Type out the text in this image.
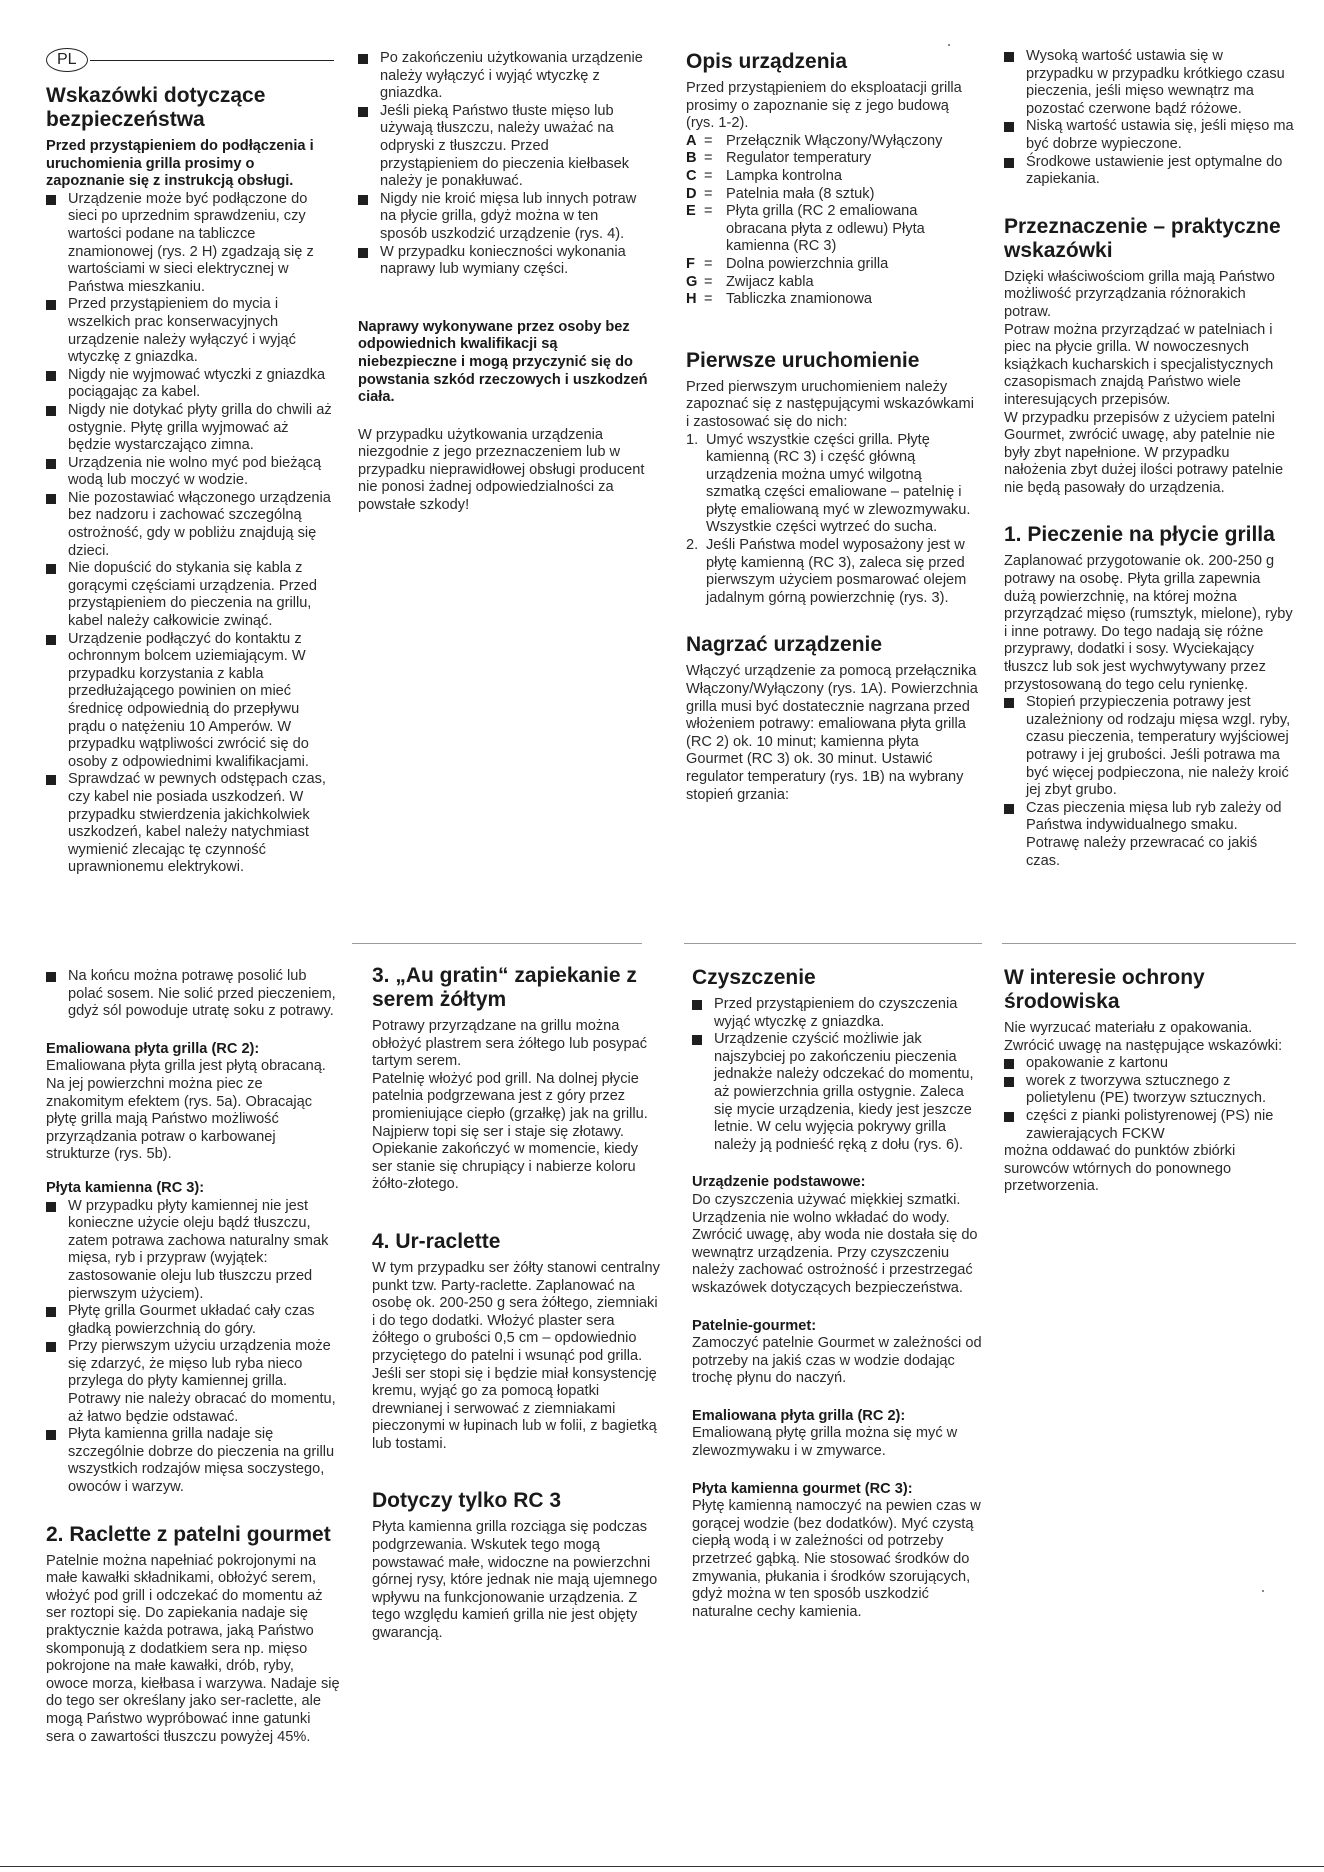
PL
Wskazówki dotyczące bezpieczeństwa

Przed przystąpieniem do podłączenia i uruchomienia grilla prosimy o zapoznanie się z instrukcją obsługi.

Urządzenie może być podłączone do sieci po uprzednim sprawdzeniu, czy wartości podane na tabliczce znamionowej (rys. 2 H) zgadzają się z wartościami w sieci elektrycznej w Państwa mieszkaniu.
Przed przystąpieniem do mycia i wszelkich prac konserwacyjnych urządzenie należy wyłączyć i wyjąć wtyczkę z gniazdka.
Nigdy nie wyjmować wtyczki z gniazdka pociągając za kabel.
Nigdy nie dotykać płyty grilla do chwili aż ostygnie. Płytę grilla wyjmować aż będzie wystarczająco zimna.
Urządzenia nie wolno myć pod bieżącą wodą lub moczyć w wodzie.
Nie pozostawiać włączonego urządzenia bez nadzoru i zachować szczególną ostrożność, gdy w pobliżu znajdują się dzieci.
Nie dopuścić do stykania się kabla z gorącymi częściami urządzenia. Przed przystąpieniem do pieczenia na grillu, kabel należy całkowicie zwinąć.
Urządzenie podłączyć do kontaktu z ochronnym bolcem uziemiającym. W przypadku korzystania z kabla przedłużającego powinien on mieć średnicę odpowiednią do przepływu prądu o natężeniu 10 Amperów. W przypadku wątpliwości zwrócić się do osoby z odpowiednimi kwalifikacjami.
Sprawdzać w pewnych odstępach czas, czy kabel nie posiada uszkodzeń. W przypadku stwierdzenia jakichkolwiek uszkodzeń, kabel należy natychmiast wymienić zlecając tę czynność uprawnionemu elektrykowi.
Po zakończeniu użytkowania urządzenie należy wyłączyć i wyjąć wtyczkę z gniazdka.
Jeśli pieką Państwo tłuste mięso lub używają tłuszczu, należy uważać na odpryski z tłuszczu. Przed przystąpieniem do pieczenia kiełbasek należy je ponakłuwać.
Nigdy nie kroić mięsa lub innych potraw na płycie grilla, gdyż można w ten sposób uszkodzić urządzenie (rys. 4).
W przypadku konieczności wykonania naprawy lub wymiany części.

Naprawy wykonywane przez osoby bez odpowiednich kwalifikacji są niebezpieczne i mogą przyczynić się do powstania szkód rzeczowych i uszkodzeń ciała.

W przypadku użytkowania urządzenia niezgodnie z jego przeznaczeniem lub w przypadku nieprawidłowej obsługi producent nie ponosi żadnej odpowiedzialności za powstałe szkody!

Opis urządzenia

Przed przystąpieniem do eksploatacji grilla prosimy o zapoznanie się z jego budową (rys. 1-2).

A	=	Przełącznik Włączony/Wyłączony
B	=	Regulator temperatury
C	=	Lampka kontrolna
D	=	Patelnia mała (8 sztuk)
E	=	Płyta grilla (RC 2 emaliowana obracana płyta z odlewu) Płyta kamienna (RC 3)
F	=	Dolna powierzchnia grilla
G	=	Zwijacz kabla
H	=	Tabliczka znamionowa
Pierwsze uruchomienie

Przed pierwszym uruchomieniem należy zapoznać się z następującymi wskazówkami i zastosować się do nich:

1. Umyć wszystkie części grilla. Płytę kamienną (RC 3) i część główną urządzenia można umyć wilgotną szmatką części emaliowane – patelnię i płytę emaliowaną myć w zlewozmywaku. Wszystkie części wytrzeć do sucha.
2. Jeśli Państwa model wyposażony jest w płytę kamienną (RC 3), zaleca się przed pierwszym użyciem posmarować olejem jadalnym górną powierzchnię (rys. 3).
Nagrzać urządzenie

Włączyć urządzenie za pomocą przełącznika Włączony/Wyłączony (rys. 1A). Powierzchnia grilla musi być dostatecznie nagrzana przed włożeniem potrawy: emaliowana płyta grilla (RC 2) ok. 10 minut; kamienna płyta Gourmet (RC 3) ok. 30 minut. Ustawić regulator temperatury (rys. 1B) na wybrany stopień grzania:

Wysoką wartość ustawia się w przypadku w przypadku krótkiego czasu pieczenia, jeśli mięso wewnątrz ma pozostać czerwone bądź różowe.
Niską wartość ustawia się, jeśli mięso ma być dobrze wypieczone.
Środkowe ustawienie jest optymalne do zapiekania.
Przeznaczenie – praktyczne wskazówki

Dzięki właściwościom grilla mają Państwo możliwość przyrządzania różnorakich potraw.

Potraw można przyrządzać w patelniach i piec na płycie grilla. W nowoczesnych książkach kucharskich i specjalistycznych czasopismach znajdą Państwo wiele interesujących przepisów.

W przypadku przepisów z użyciem patelni Gourmet, zwrócić uwagę, aby patelnie nie były zbyt napełnione. W przypadku nałożenia zbyt dużej ilości potrawy patelnie nie będą pasowały do urządzenia.

1. Pieczenie na płycie grilla

Zaplanować przygotowanie ok. 200-250 g potrawy na osobę. Płyta grilla zapewnia dużą powierzchnię, na której można przyrządzać mięso (rumsztyk, mielone), ryby i inne potrawy. Do tego nadają się różne przyprawy, dodatki i sosy. Wyciekający tłuszcz lub sok jest wychwytywany przez przystosowaną do tego celu rynienkę.

Stopień przypieczenia potrawy jest uzależniony od rodzaju mięsa wzgl. ryby, czasu pieczenia, temperatury wyjściowej potrawy i jej grubości. Jeśli potrawa ma być więcej podpieczona, nie należy kroić jej zbyt grubo.
Czas pieczenia mięsa lub ryb zależy od Państwa indywidualnego smaku. Potrawę należy przewracać co jakiś czas.
Na końcu można potrawę posolić lub polać sosem. Nie solić przed pieczeniem, gdyż sól powoduje utratę soku z potrawy.
Emaliowana płyta grilla (RC 2):

Emaliowana płyta grilla jest płytą obracaną. Na jej powierzchni można piec ze znakomitym efektem (rys. 5a). Obracając płytę grilla mają Państwo możliwość przyrządzania potraw o karbowanej strukturze (rys. 5b).

Płyta kamienna (RC 3):
W przypadku płyty kamiennej nie jest konieczne użycie oleju bądź tłuszczu, zatem potrawa zachowa naturalny smak mięsa, ryb i przypraw (wyjątek: zastosowanie oleju lub tłuszczu przed pierwszym użyciem).
Płytę grilla Gourmet układać cały czas gładką powierzchnią do góry.
Przy pierwszym użyciu urządzenia może się zdarzyć, że mięso lub ryba nieco przylega do płyty kamiennej grilla. Potrawy nie należy obracać do momentu, aż łatwo będzie odstawać.
Płyta kamienna grilla nadaje się szczególnie dobrze do pieczenia na grillu wszystkich rodzajów mięsa soczystego, owoców i warzyw.
2. Raclette z patelni gourmet

Patelnie można napełniać pokrojonymi na małe kawałki składnikami, obłożyć serem, włożyć pod grill i odczekać do momentu aż ser roztopi się. Do zapiekania nadaje się praktycznie każda potrawa, jaką Państwo skomponują z dodatkiem sera np. mięso pokrojone na małe kawałki, drób, ryby, owoce morza, kiełbasa i warzywa. Nadaje się do tego ser określany jako ser-raclette, ale mogą Państwo wypróbować inne gatunki sera o zawartości tłuszczu powyżej 45%.

3. „Au gratin“ zapiekanie z serem żółtym

Potrawy przyrządzane na grillu można obłożyć plastrem sera żółtego lub posypać tartym serem.

Patelnię włożyć pod grill. Na dolnej płycie patelnia podgrzewana jest z góry przez promieniujące ciepło (grzałkę) jak na grillu. Najpierw topi się ser i staje się złotawy.

Opiekanie zakończyć w momencie, kiedy ser stanie się chrupiący i nabierze koloru żółto-złotego.

4. Ur-raclette

W tym przypadku ser żółty stanowi centralny punkt tzw. Party-raclette. Zaplanować na osobę ok. 200-250 g sera żółtego, ziemniaki i do tego dodatki. Włożyć plaster sera żółtego o grubości 0,5 cm – opdowiednio przyciętego do patelni i wsunąć pod grilla. Jeśli ser stopi się i będzie miał konsystencję kremu, wyjąć go za pomocą łopatki drewnianej i serwować z ziemniakami pieczonymi w łupinach lub w folii, z bagietką lub tostami.

Dotyczy tylko RC 3

Płyta kamienna grilla rozciąga się podczas podgrzewania. Wskutek tego mogą powstawać małe, widoczne na powierzchni górnej rysy, które jednak nie mają ujemnego wpływu na funkcjonowanie urządzenia. Z tego względu kamień grilla nie jest objęty gwarancją.

Czyszczenie
Przed przystąpieniem do czyszczenia wyjąć wtyczkę z gniazdka.
Urządzenie czyścić możliwie jak najszybciej po zakończeniu pieczenia jednakże należy odczekać do momentu, aż powierzchnia grilla ostygnie. Zaleca się mycie urządzenia, kiedy jest jeszcze letnie. W celu wyjęcia pokrywy grilla należy ją podnieść ręką z dołu (rys. 6).
Urządzenie podstawowe:

Do czyszczenia używać miękkiej szmatki. Urządzenia nie wolno wkładać do wody. Zwrócić uwagę, aby woda nie dostała się do wewnątrz urządzenia. Przy czyszczeniu należy zachować ostrożność i przestrzegać wskazówek dotyczących bezpieczeństwa.

Patelnie-gourmet:

Zamoczyć patelnie Gourmet w zależności od potrzeby na jakiś czas w wodzie dodając trochę płynu do naczyń.

Emaliowana płyta grilla (RC 2):

Emaliowaną płytę grilla można się myć w zlewozmywaku i w zmywarce.

Płyta kamienna gourmet (RC 3):

Płytę kamienną namoczyć na pewien czas w gorącej wodzie (bez dodatków). Myć czystą ciepłą wodą i w zależności od potrzeby przetrzeć gąbką. Nie stosować środków do zmywania, płukania i środków szorujących, gdyż można w ten sposób uszkodzić naturalne cechy kamienia.

W interesie ochrony środowiska

Nie wyrzucać materiału z opakowania. Zwrócić uwagę na następujące wskazówki:

opakowanie z kartonu
worek z tworzywa sztucznego z polietylenu (PE) tworzyw sztucznych.
części z pianki polistyrenowej (PS) nie zawierających FCKW

można oddawać do punktów zbiórki surowców wtórnych do ponownego przetworzenia.
